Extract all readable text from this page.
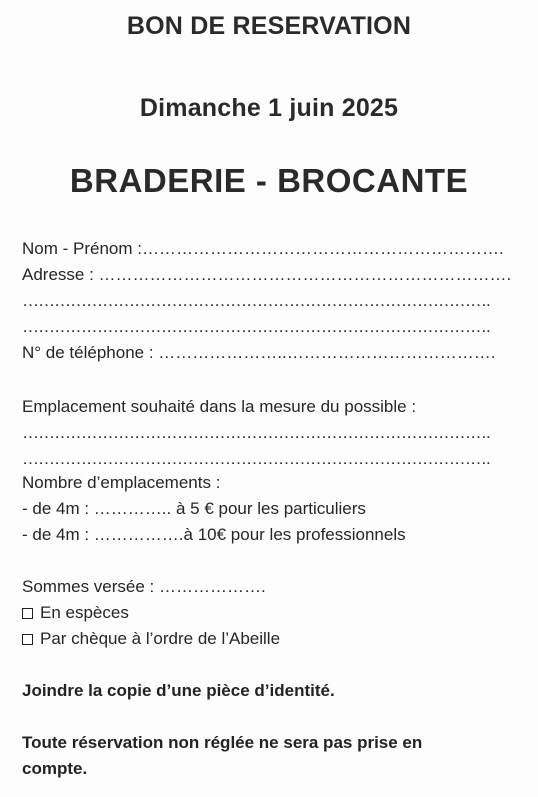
BON DE RESERVATION
Dimanche 1 juin 2025
BRADERIE - BROCANTE
Nom - Prénom :……………………………………………………….
Adresse : ……………………………………………………………….
…………………………………………………………………………….
…………………………………………………………………………….
N° de téléphone : …………………..……………………………….
Emplacement souhaité dans la mesure du possible :
…………………………………………………………………………….
…………………………………………………………………………….
Nombre d’emplacements :
- de 4m : ………….. à 5 € pour les particuliers
- de 4m : …………….à 10€ pour les professionnels
Sommes versée : ……………….
En espèces
Par chèque à l’ordre de l’Abeille
Joindre la copie d’une pièce d’identité.
Toute réservation non réglée ne sera pas prise en
compte.
